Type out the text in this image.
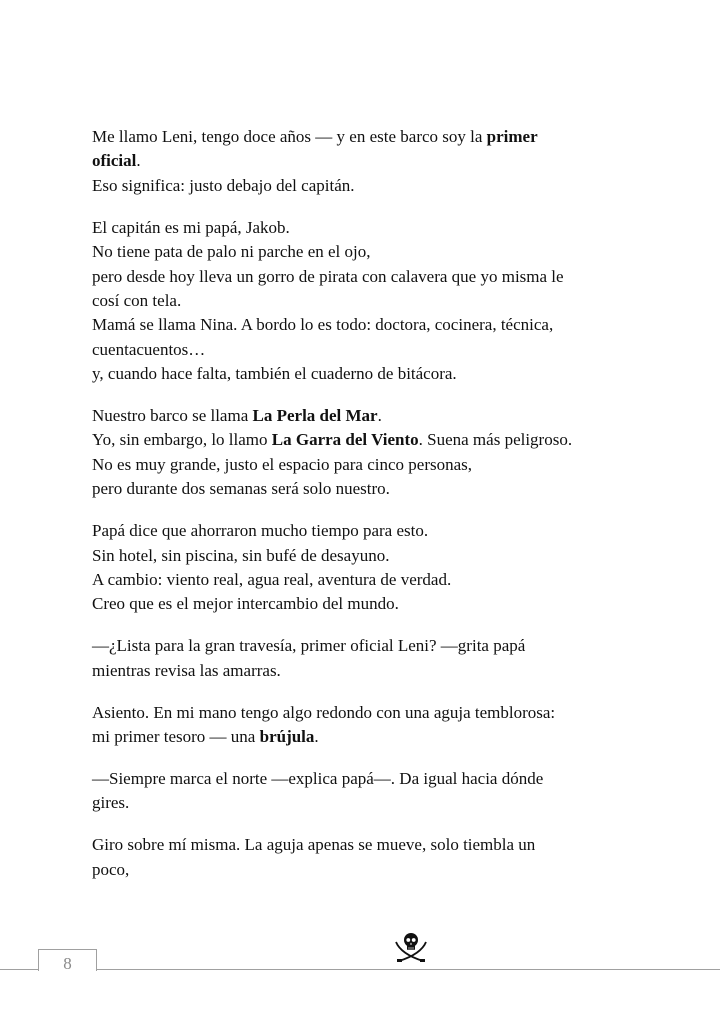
Me llamo Leni, tengo doce años — y en este barco soy la primer
oficial.
Eso significa: justo debajo del capitán.
El capitán es mi papá, Jakob.
No tiene pata de palo ni parche en el ojo,
pero desde hoy lleva un gorro de pirata con calavera que yo misma le
cosí con tela.
Mamá se llama Nina. A bordo lo es todo: doctora, cocinera, técnica,
cuentacuentos…
y, cuando hace falta, también el cuaderno de bitácora.
Nuestro barco se llama La Perla del Mar.
Yo, sin embargo, lo llamo La Garra del Viento. Suena más peligroso.
No es muy grande, justo el espacio para cinco personas,
pero durante dos semanas será solo nuestro.
Papá dice que ahorraron mucho tiempo para esto.
Sin hotel, sin piscina, sin bufé de desayuno.
A cambio: viento real, agua real, aventura de verdad.
Creo que es el mejor intercambio del mundo.
—¿Lista para la gran travesía, primer oficial Leni? —grita papá
mientras revisa las amarras.
Asiento. En mi mano tengo algo redondo con una aguja temblorosa:
mi primer tesoro — una brújula.
—Siempre marca el norte —explica papá—. Da igual hacia dónde
gires.
Giro sobre mí misma. La aguja apenas se mueve, solo tiembla un
poco,
8
